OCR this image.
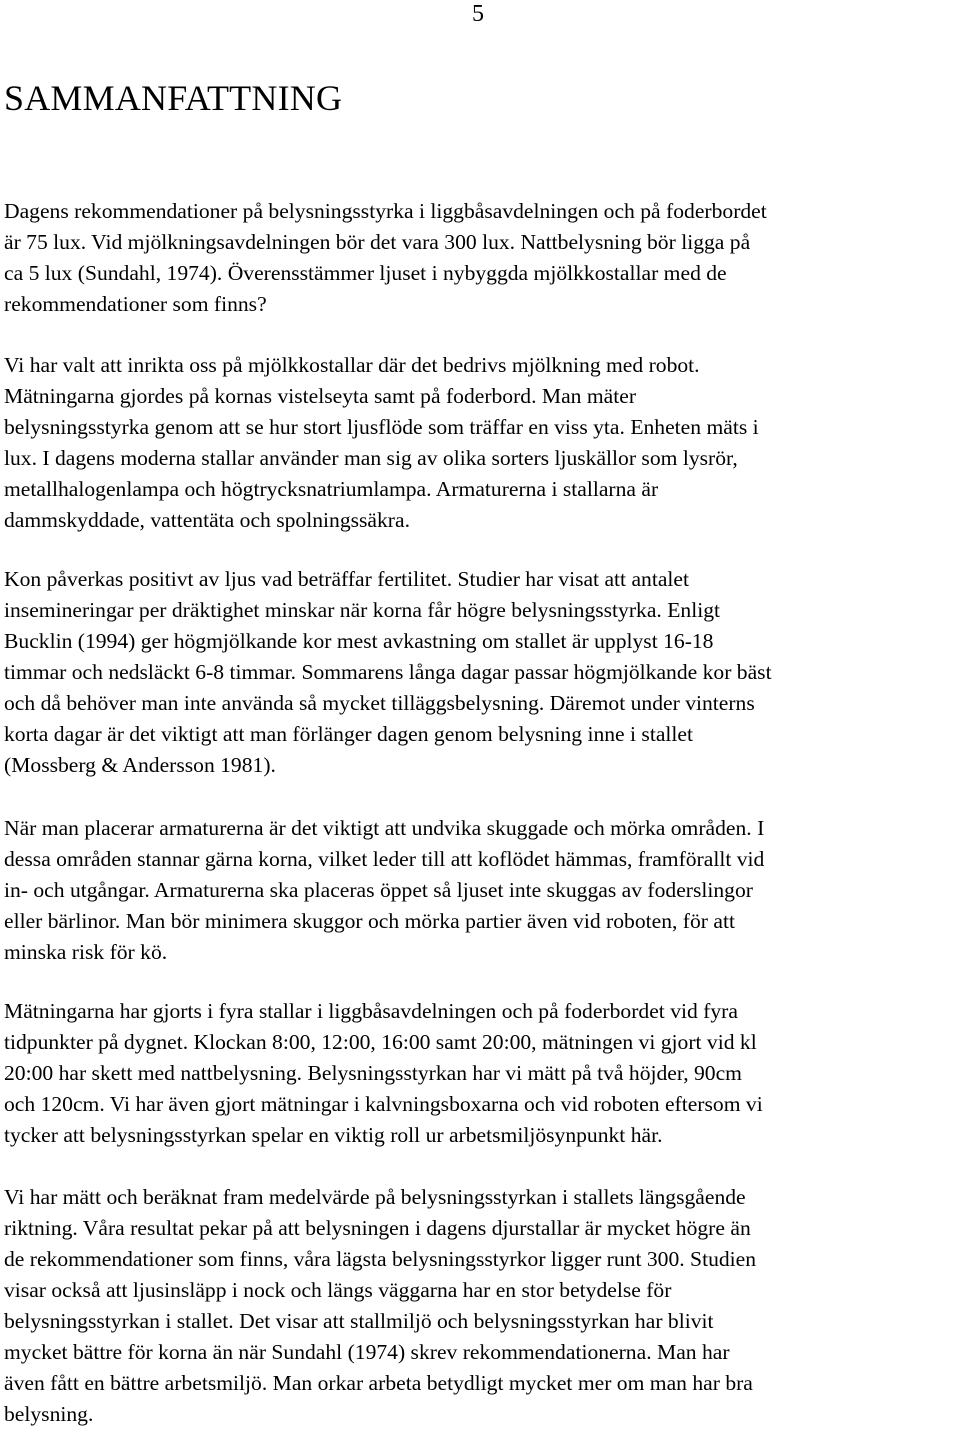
5
SAMMANFATTNING

Dagens rekommendationer på belysningsstyrka i liggbåsavdelningen och på foderbordet
är 75 lux. Vid mjölkningsavdelningen bör det vara 300 lux. Nattbelysning bör ligga på
ca 5 lux (Sundahl, 1974). Överensstämmer ljuset i nybyggda mjölkkostallar med de
rekommendationer som finns?

Vi har valt att inrikta oss på mjölkkostallar där det bedrivs mjölkning med robot.
Mätningarna gjordes på kornas vistelseyta samt på foderbord. Man mäter
belysningsstyrka genom att se hur stort ljusflöde som träffar en viss yta. Enheten mäts i
lux. I dagens moderna stallar använder man sig av olika sorters ljuskällor som lysrör,
metallhalogenlampa och högtrycksnatriumlampa. Armaturerna i stallarna är
dammskyddade, vattentäta och spolningssäkra.

Kon påverkas positivt av ljus vad beträffar fertilitet. Studier har visat att antalet
insemineringar per dräktighet minskar när korna får högre belysningsstyrka. Enligt
Bucklin (1994) ger högmjölkande kor mest avkastning om stallet är upplyst 16-18
timmar och nedsläckt 6-8 timmar. Sommarens långa dagar passar högmjölkande kor bäst
och då behöver man inte använda så mycket tilläggsbelysning. Däremot under vinterns
korta dagar är det viktigt att man förlänger dagen genom belysning inne i stallet
(Mossberg & Andersson 1981).

När man placerar armaturerna är det viktigt att undvika skuggade och mörka områden. I
dessa områden stannar gärna korna, vilket leder till att koflödet hämmas, framförallt vid
in- och utgångar. Armaturerna ska placeras öppet så ljuset inte skuggas av foderslingor
eller bärlinor. Man bör minimera skuggor och mörka partier även vid roboten, för att
minska risk för kö.

Mätningarna har gjorts i fyra stallar i liggbåsavdelningen och på foderbordet vid fyra
tidpunkter på dygnet. Klockan 8:00, 12:00, 16:00 samt 20:00, mätningen vi gjort vid kl
20:00 har skett med nattbelysning. Belysningsstyrkan har vi mätt på två höjder, 90cm
och 120cm. Vi har även gjort mätningar i kalvningsboxarna och vid roboten eftersom vi
tycker att belysningsstyrkan spelar en viktig roll ur arbetsmiljösynpunkt här.

Vi har mätt och beräknat fram medelvärde på belysningsstyrkan i stallets längsgående
riktning. Våra resultat pekar på att belysningen i dagens djurstallar är mycket högre än
de rekommendationer som finns, våra lägsta belysningsstyrkor ligger runt 300. Studien
visar också att ljusinsläpp i nock och längs väggarna har en stor betydelse för
belysningsstyrkan i stallet. Det visar att stallmiljö och belysningsstyrkan har blivit
mycket bättre för korna än när Sundahl (1974) skrev rekommendationerna. Man har
även fått en bättre arbetsmiljö. Man orkar arbeta betydligt mycket mer om man har bra
belysning.
